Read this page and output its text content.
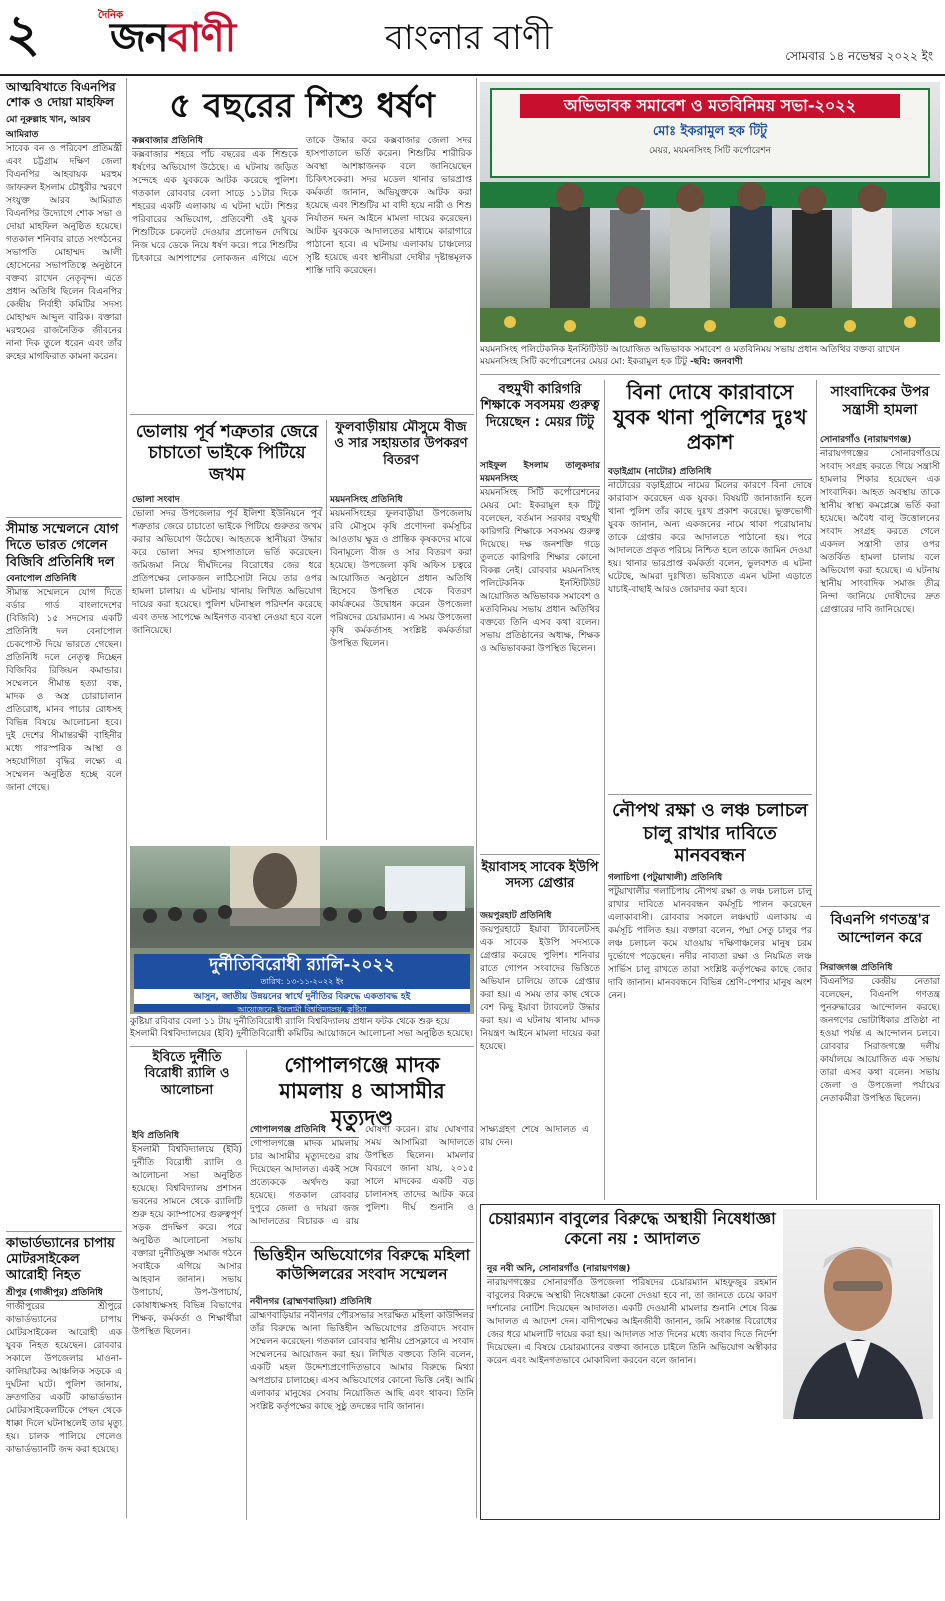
২	দৈনিক
জনবাণী	বাংলার বাণী	সোমবার ১৪ নভেম্বর ২০২২ ইং
আত্মবিখাতে বিএনপির শোক ও দোয়া মাহফিল
মো নূরুল্লাহ খান, আরব আমিরাত
সাবেক বন ও পরিবেশ প্রতিমন্ত্রী এবং চট্টগ্রাম দক্ষিণ জেলা বিএনপির আহবায়ক মরহুম জাফরুল ইসলাম চৌধুরীর স্মরণে সংযুক্ত আরব আমিরাত বিএনপির উদ্যোগে শোক সভা ও দোয়া মাহফিল অনুষ্ঠিত হয়েছে। গতকাল শনিবার রাতে সংগঠনের সভাপতি মোহাম্মদ আলী হোসেনের সভাপতিত্বে অনুষ্ঠানে বক্তব্য রাখেন নেতৃবৃন্দ। এতে প্রধান অতিথি ছিলেন বিএনপির কেন্দ্রীয় নির্বাহী কমিটির সদস্য মোহাম্মদ আব্দুল বারিক। বক্তারা মরহুমের রাজনৈতিক জীবনের নানা দিক তুলে ধরেন এবং তাঁর রুহের মাগফিরাত কামনা করেন।
সীমান্ত সম্মেলনে যোগ দিতে ভারত গেলেন বিজিবি প্রতিনিধি দল
বেনাপোল প্রতিনিধি
সীমান্ত সম্মেলনে যোগ দিতে বর্ডার গার্ড বাংলাদেশের (বিজিবি) ১৫ সদস্যের একটি প্রতিনিধি দল বেনাপোল চেকপোস্ট দিয়ে ভারতে গেছেন। প্রতিনিধি দলে নেতৃত্ব দিচ্ছেন বিজিবির রিজিয়ন কমান্ডার। সম্মেলনে সীমান্ত হত্যা বন্ধ, মাদক ও অস্ত্র চোরাচালান প্রতিরোধ, মানব পাচার রোধসহ বিভিন্ন বিষয়ে আলোচনা হবে। দুই দেশের সীমান্তরক্ষী বাহিনীর মধ্যে পারস্পরিক আস্থা ও সহযোগিতা বৃদ্ধির লক্ষ্যে এ সম্মেলন অনুষ্ঠিত হচ্ছে বলে জানা গেছে।
কাভার্ডভ্যানের চাপায় মোটরসাইকেল আরোহী নিহত
শ্রীপুর (গাজীপুর) প্রতিনিধি
গাজীপুরের শ্রীপুরে কাভার্ডভ্যানের চাপায় মোটরসাইকেল আরোহী এক যুবক নিহত হয়েছেন। রোববার সকালে উপজেলার মাওনা-কালিয়াকৈর আঞ্চলিক সড়কে এ দুর্ঘটনা ঘটে। পুলিশ জানায়, দ্রুতগতির একটি কাভার্ডভ্যান মোটরসাইকেলটিকে পেছন থেকে ধাক্কা দিলে ঘটনাস্থলেই তার মৃত্যু হয়। চালক পালিয়ে গেলেও কাভার্ডভ্যানটি জব্দ করা হয়েছে।
৫ বছরের শিশু ধর্ষণ
কক্সবাজার প্রতিনিধি
কক্সবাজার শহরে পাঁচ বছরের এক শিশুকে ধর্ষণের অভিযোগ উঠেছে। এ ঘটনায় জড়িত সন্দেহে এক যুবককে আটক করেছে পুলিশ। গতকাল রোববার বেলা সাড়ে ১১টার দিকে শহরের একটি এলাকায় এ ঘটনা ঘটে। শিশুর পরিবারের অভিযোগ, প্রতিবেশী ওই যুবক শিশুটিকে চকলেট দেওয়ার প্রলোভন দেখিয়ে নিজ ঘরে ডেকে নিয়ে ধর্ষণ করে। পরে শিশুটির চিৎকারে আশপাশের লোকজন এগিয়ে এসে তাকে উদ্ধার করে কক্সবাজার জেলা সদর হাসপাতালে ভর্তি করেন। শিশুটির শারীরিক অবস্থা আশঙ্কাজনক বলে জানিয়েছেন চিকিৎসকেরা। সদর মডেল থানার ভারপ্রাপ্ত কর্মকর্তা জানান, অভিযুক্তকে আটক করা হয়েছে এবং শিশুটির মা বাদী হয়ে নারী ও শিশু নির্যাতন দমন আইনে মামলা দায়ের করেছেন। আটক যুবককে আদালতের মাধ্যমে কারাগারে পাঠানো হবে। এ ঘটনায় এলাকায় চাঞ্চল্যের সৃষ্টি হয়েছে এবং স্থানীয়রা দোষীর দৃষ্টান্তমূলক শাস্তি দাবি করেছেন।
ভোলায় পূর্ব শত্রুতার জেরে চাচাতো ভাইকে পিটিয়ে জখম
ভোলা সংবাদ
ভোলা সদর উপজেলার পূর্ব ইলিশা ইউনিয়নে পূর্ব শত্রুতার জেরে চাচাতো ভাইকে পিটিয়ে গুরুতর জখম করার অভিযোগ উঠেছে। আহতকে স্থানীয়রা উদ্ধার করে ভোলা সদর হাসপাতালে ভর্তি করেছেন। জমিজমা নিয়ে দীর্ঘদিনের বিরোধের জের ধরে প্রতিপক্ষের লোকজন লাঠিসোটা নিয়ে তার ওপর হামলা চালায়। এ ঘটনায় থানায় লিখিত অভিযোগ দায়ের করা হয়েছে। পুলিশ ঘটনাস্থল পরিদর্শন করেছে এবং তদন্ত সাপেক্ষে আইনগত ব্যবস্থা নেওয়া হবে বলে জানিয়েছে।
ফুলবাড়ীয়ায় মৌসুমে বীজ ও সার সহায়তার উপকরণ বিতরণ
ময়মনসিংহ প্রতিনিধি
ময়মনসিংহের ফুলবাড়ীয়া উপজেলায় রবি মৌসুমে কৃষি প্রণোদনা কর্মসূচির আওতায় ক্ষুদ্র ও প্রান্তিক কৃষকদের মাঝে বিনামূল্যে বীজ ও সার বিতরণ করা হয়েছে। উপজেলা কৃষি অফিস চত্বরে আয়োজিত অনুষ্ঠানে প্রধান অতিথি হিসেবে উপস্থিত থেকে বিতরণ কার্যক্রমের উদ্বোধন করেন উপজেলা পরিষদের চেয়ারম্যান। এ সময় উপজেলা কৃষি কর্মকর্তাসহ সংশ্লিষ্ট কর্মকর্তারা উপস্থিত ছিলেন।
দুর্নীতিবিরোধী র‍্যালি-২০২২
তারিখ: ১৩-১১-২০২২ ইং
আসুন, জাতীয় উন্নয়নের স্বার্থে দুর্নীতির বিরুদ্ধে একতাবদ্ধ হই
আয়োজনে: ইসলামী বিশ্ববিদ্যালয়, কুষ্টিয়া
কুষ্টিয়া রবিবার বেলা ১১ টায় দুর্নীতিবিরোধী র‍্যালি বিশ্ববিদ্যালয় প্রধান ফটক থেকে শুরু হয়ে ইসলামী বিশ্ববিদ্যালয়ের (ইবি) দুর্নীতিবিরোধী কমিটির আয়োজনে আলোচনা সভা অনুষ্ঠিত হয়েছে।
ইবিতে দুর্নীতি বিরোধী র‍্যালি ও আলোচনা
ইবি প্রতিনিধি
ইসলামী বিশ্ববিদ্যালয়ে (ইবি) দুর্নীতি বিরোধী র‍্যালি ও আলোচনা সভা অনুষ্ঠিত হয়েছে। বিশ্ববিদ্যালয় প্রশাসন ভবনের সামনে থেকে র‍্যালিটি শুরু হয়ে ক্যাম্পাসের গুরুত্বপূর্ণ সড়ক প্রদক্ষিণ করে। পরে অনুষ্ঠিত আলোচনা সভায় বক্তারা দুর্নীতিমুক্ত সমাজ গঠনে সবাইকে এগিয়ে আসার আহবান জানান। সভায় উপাচার্য, উপ-উপাচার্য, কোষাধ্যক্ষসহ বিভিন্ন বিভাগের শিক্ষক, কর্মকর্তা ও শিক্ষার্থীরা উপস্থিত ছিলেন।
গোপালগঞ্জে মাদক মামলায় ৪ আসামীর মৃত্যুদণ্ড
গোপালগঞ্জ প্রতিনিধি
গোপালগঞ্জে মাদক মামলায় চার আসামীর মৃত্যুদণ্ডের রায় দিয়েছেন আদালত। একই সঙ্গে প্রত্যেককে অর্থদণ্ড করা হয়েছে। গতকাল রোববার দুপুরে জেলা ও দায়রা জজ আদালতের বিচারক এ রায় ঘোষণা করেন। রায় ঘোষণার সময় আসামিরা আদালতে উপস্থিত ছিলেন। মামলার বিবরণে জানা যায়, ২০১৫ সালে মাদকের একটি বড় চালানসহ তাদের আটক করে পুলিশ। দীর্ঘ শুনানি ও সাক্ষ্যগ্রহণ শেষে আদালত এ রায় দেন।
ভিত্তিহীন অভিযোগের বিরুদ্ধে মহিলা কাউন্সিলরের সংবাদ সম্মেলন
নবীনগর (ব্রাহ্মণবাড়িয়া) প্রতিনিধি
ব্রাহ্মণবাড়িয়ার নবীনগর পৌরসভার সংরক্ষিত মহিলা কাউন্সিলর তাঁর বিরুদ্ধে আনা ভিত্তিহীন অভিযোগের প্রতিবাদে সংবাদ সম্মেলন করেছেন। গতকাল রোববার স্থানীয় প্রেসক্লাবে এ সংবাদ সম্মেলনের আয়োজন করা হয়। লিখিত বক্তব্যে তিনি বলেন, একটি মহল উদ্দেশ্যপ্রণোদিতভাবে আমার বিরুদ্ধে মিথ্যা অপপ্রচার চালাচ্ছে। এসব অভিযোগের কোনো ভিত্তি নেই। আমি এলাকার মানুষের সেবায় নিয়োজিত আছি এবং থাকব। তিনি সংশ্লিষ্ট কর্তৃপক্ষের কাছে সুষ্ঠু তদন্তের দাবি জানান।
অভিভাবক সমাবেশ ও মতবিনিময় সভা-২০২২
মোঃ ইকরামুল হক টিটু
মেয়র, ময়মনসিংহ সিটি কর্পোরেশন
ময়মনসিংহ পলিটেকনিক ইনস্টিটিউট আয়োজিত অভিভাবক সমাবেশ ও মতবিনিময় সভায় প্রধান অতিথির বক্তব্য রাখেন ময়মনসিংহ সিটি কর্পোরেশনের মেয়র মো: ইকরামুল হক টিটু -ছবি: জনবাণী
বহুমুখী কারিগরি শিক্ষাকে সবসময় গুরুত্ব দিয়েছেন : মেয়র টিটু
সাইফুল ইসলাম তালুকদার ময়মনসিংহ
ময়মনসিংহ সিটি কর্পোরেশনের মেয়র মো: ইকরামুল হক টিটু বলেছেন, বর্তমান সরকার বহুমুখী কারিগরি শিক্ষাকে সবসময় গুরুত্ব দিয়েছে। দক্ষ জনশক্তি গড়ে তুলতে কারিগরি শিক্ষার কোনো বিকল্প নেই। রোববার ময়মনসিংহ পলিটেকনিক ইনস্টিটিউট আয়োজিত অভিভাবক সমাবেশ ও মতবিনিময় সভায় প্রধান অতিথির বক্তব্যে তিনি এসব কথা বলেন। সভায় প্রতিষ্ঠানের অধ্যক্ষ, শিক্ষক ও অভিভাবকরা উপস্থিত ছিলেন।
ইয়াবাসহ সাবেক ইউপি সদস্য গ্রেপ্তার
জয়পুরহাট প্রতিনিধি
জয়পুরহাটে ইয়াবা ট্যাবলেটসহ এক সাবেক ইউপি সদস্যকে গ্রেপ্তার করেছে পুলিশ। শনিবার রাতে গোপন সংবাদের ভিত্তিতে অভিযান চালিয়ে তাকে গ্রেপ্তার করা হয়। এ সময় তার কাছ থেকে বেশ কিছু ইয়াবা ট্যাবলেট উদ্ধার করা হয়। এ ঘটনায় থানায় মাদক নিয়ন্ত্রণ আইনে মামলা দায়ের করা হয়েছে।
বিনা দোষে কারাবাসে যুবক থানা পুলিশের দুঃখ প্রকাশ
বড়াইগ্রাম (নাটোর) প্রতিনিধি
নাটোরের বড়াইগ্রামে নামের মিলের কারণে বিনা দোষে কারাবাস করেছেন এক যুবক। বিষয়টি জানাজানি হলে থানা পুলিশ তাঁর কাছে দুঃখ প্রকাশ করেছে। ভুক্তভোগী যুবক জানান, অন্য একজনের নামে থাকা পরোয়ানায় তাকে গ্রেপ্তার করে আদালতে পাঠানো হয়। পরে আদালতে প্রকৃত পরিচয় নিশ্চিত হলে তাকে জামিন দেওয়া হয়। থানার ভারপ্রাপ্ত কর্মকর্তা বলেন, ভুলবশত এ ঘটনা ঘটেছে, আমরা দুঃখিত। ভবিষ্যতে এমন ঘটনা এড়াতে যাচাই-বাছাই আরও জোরদার করা হবে।
নৌপথ রক্ষা ও লঞ্চ চলাচল চালু রাখার দাবিতে মানববন্ধন
গলাচিপা (পটুয়াখালী) প্রতিনিধি
পটুয়াখালীর গলাচিপায় নৌপথ রক্ষা ও লঞ্চ চলাচল চালু রাখার দাবিতে মানববন্ধন কর্মসূচি পালন করেছেন এলাকাবাসী। রোববার সকালে লঞ্চঘাট এলাকায় এ কর্মসূচি পালিত হয়। বক্তারা বলেন, পদ্মা সেতু চালুর পর লঞ্চ চলাচল কমে যাওয়ায় দক্ষিণাঞ্চলের মানুষ চরম দুর্ভোগে পড়েছেন। নদীর নাব্যতা রক্ষা ও নিয়মিত লঞ্চ সার্ভিস চালু রাখতে তারা সংশ্লিষ্ট কর্তৃপক্ষের কাছে জোর দাবি জানান। মানববন্ধনে বিভিন্ন শ্রেণি-পেশার মানুষ অংশ নেন।
সাংবাদিকের উপর সন্ত্রাসী হামলা
সোনারগাঁও (নারায়ণগঞ্জ)
নারায়ণগঞ্জের সোনারগাঁওয়ে সংবাদ সংগ্রহ করতে গিয়ে সন্ত্রাসী হামলার শিকার হয়েছেন এক সাংবাদিক। আহত অবস্থায় তাকে স্থানীয় স্বাস্থ্য কমপ্লেক্সে ভর্তি করা হয়েছে। অবৈধ বালু উত্তোলনের সংবাদ সংগ্রহ করতে গেলে একদল সন্ত্রাসী তার ওপর অতর্কিত হামলা চালায় বলে অভিযোগ করা হয়েছে। এ ঘটনায় স্থানীয় সাংবাদিক সমাজ তীব্র নিন্দা জানিয়ে দোষীদের দ্রুত গ্রেপ্তারের দাবি জানিয়েছে।
বিএনপি গণতন্ত্র'র আন্দোলন করে
সিরাজগঞ্জ প্রতিনিধি
বিএনপির কেন্দ্রীয় নেতারা বলেছেন, বিএনপি গণতন্ত্র পুনরুদ্ধারের আন্দোলন করছে। জনগণের ভোটাধিকার প্রতিষ্ঠা না হওয়া পর্যন্ত এ আন্দোলন চলবে। রোববার সিরাজগঞ্জে দলীয় কার্যালয়ে আয়োজিত এক সভায় তারা এসব কথা বলেন। সভায় জেলা ও উপজেলা পর্যায়ের নেতাকর্মীরা উপস্থিত ছিলেন।
চেয়ারম্যান বাবুলের বিরুদ্ধে অস্থায়ী নিষেধাজ্ঞা কেনো নয় : আদালত
নুর নবী অনি, সোনারগাঁও (নারায়ণগঞ্জ)
নারায়ণগঞ্জের সোনারগাঁও উপজেলা পরিষদের চেয়ারম্যান মাহফুজুর রহমান বাবুলের বিরুদ্ধে অস্থায়ী নিষেধাজ্ঞা কেনো দেওয়া হবে না, তা জানতে চেয়ে কারণ দর্শানোর নোটিশ দিয়েছেন আদালত। একটি দেওয়ানী মামলার শুনানি শেষে বিজ্ঞ আদালত এ আদেশ দেন। বাদীপক্ষের আইনজীবী জানান, জমি সংক্রান্ত বিরোধের জের ধরে মামলাটি দায়ের করা হয়। আদালত সাত দিনের মধ্যে জবাব দিতে নির্দেশ দিয়েছেন। এ বিষয়ে চেয়ারম্যানের বক্তব্য জানতে চাইলে তিনি অভিযোগ অস্বীকার করেন এবং আইনগতভাবে মোকাবিলা করবেন বলে জানান।
